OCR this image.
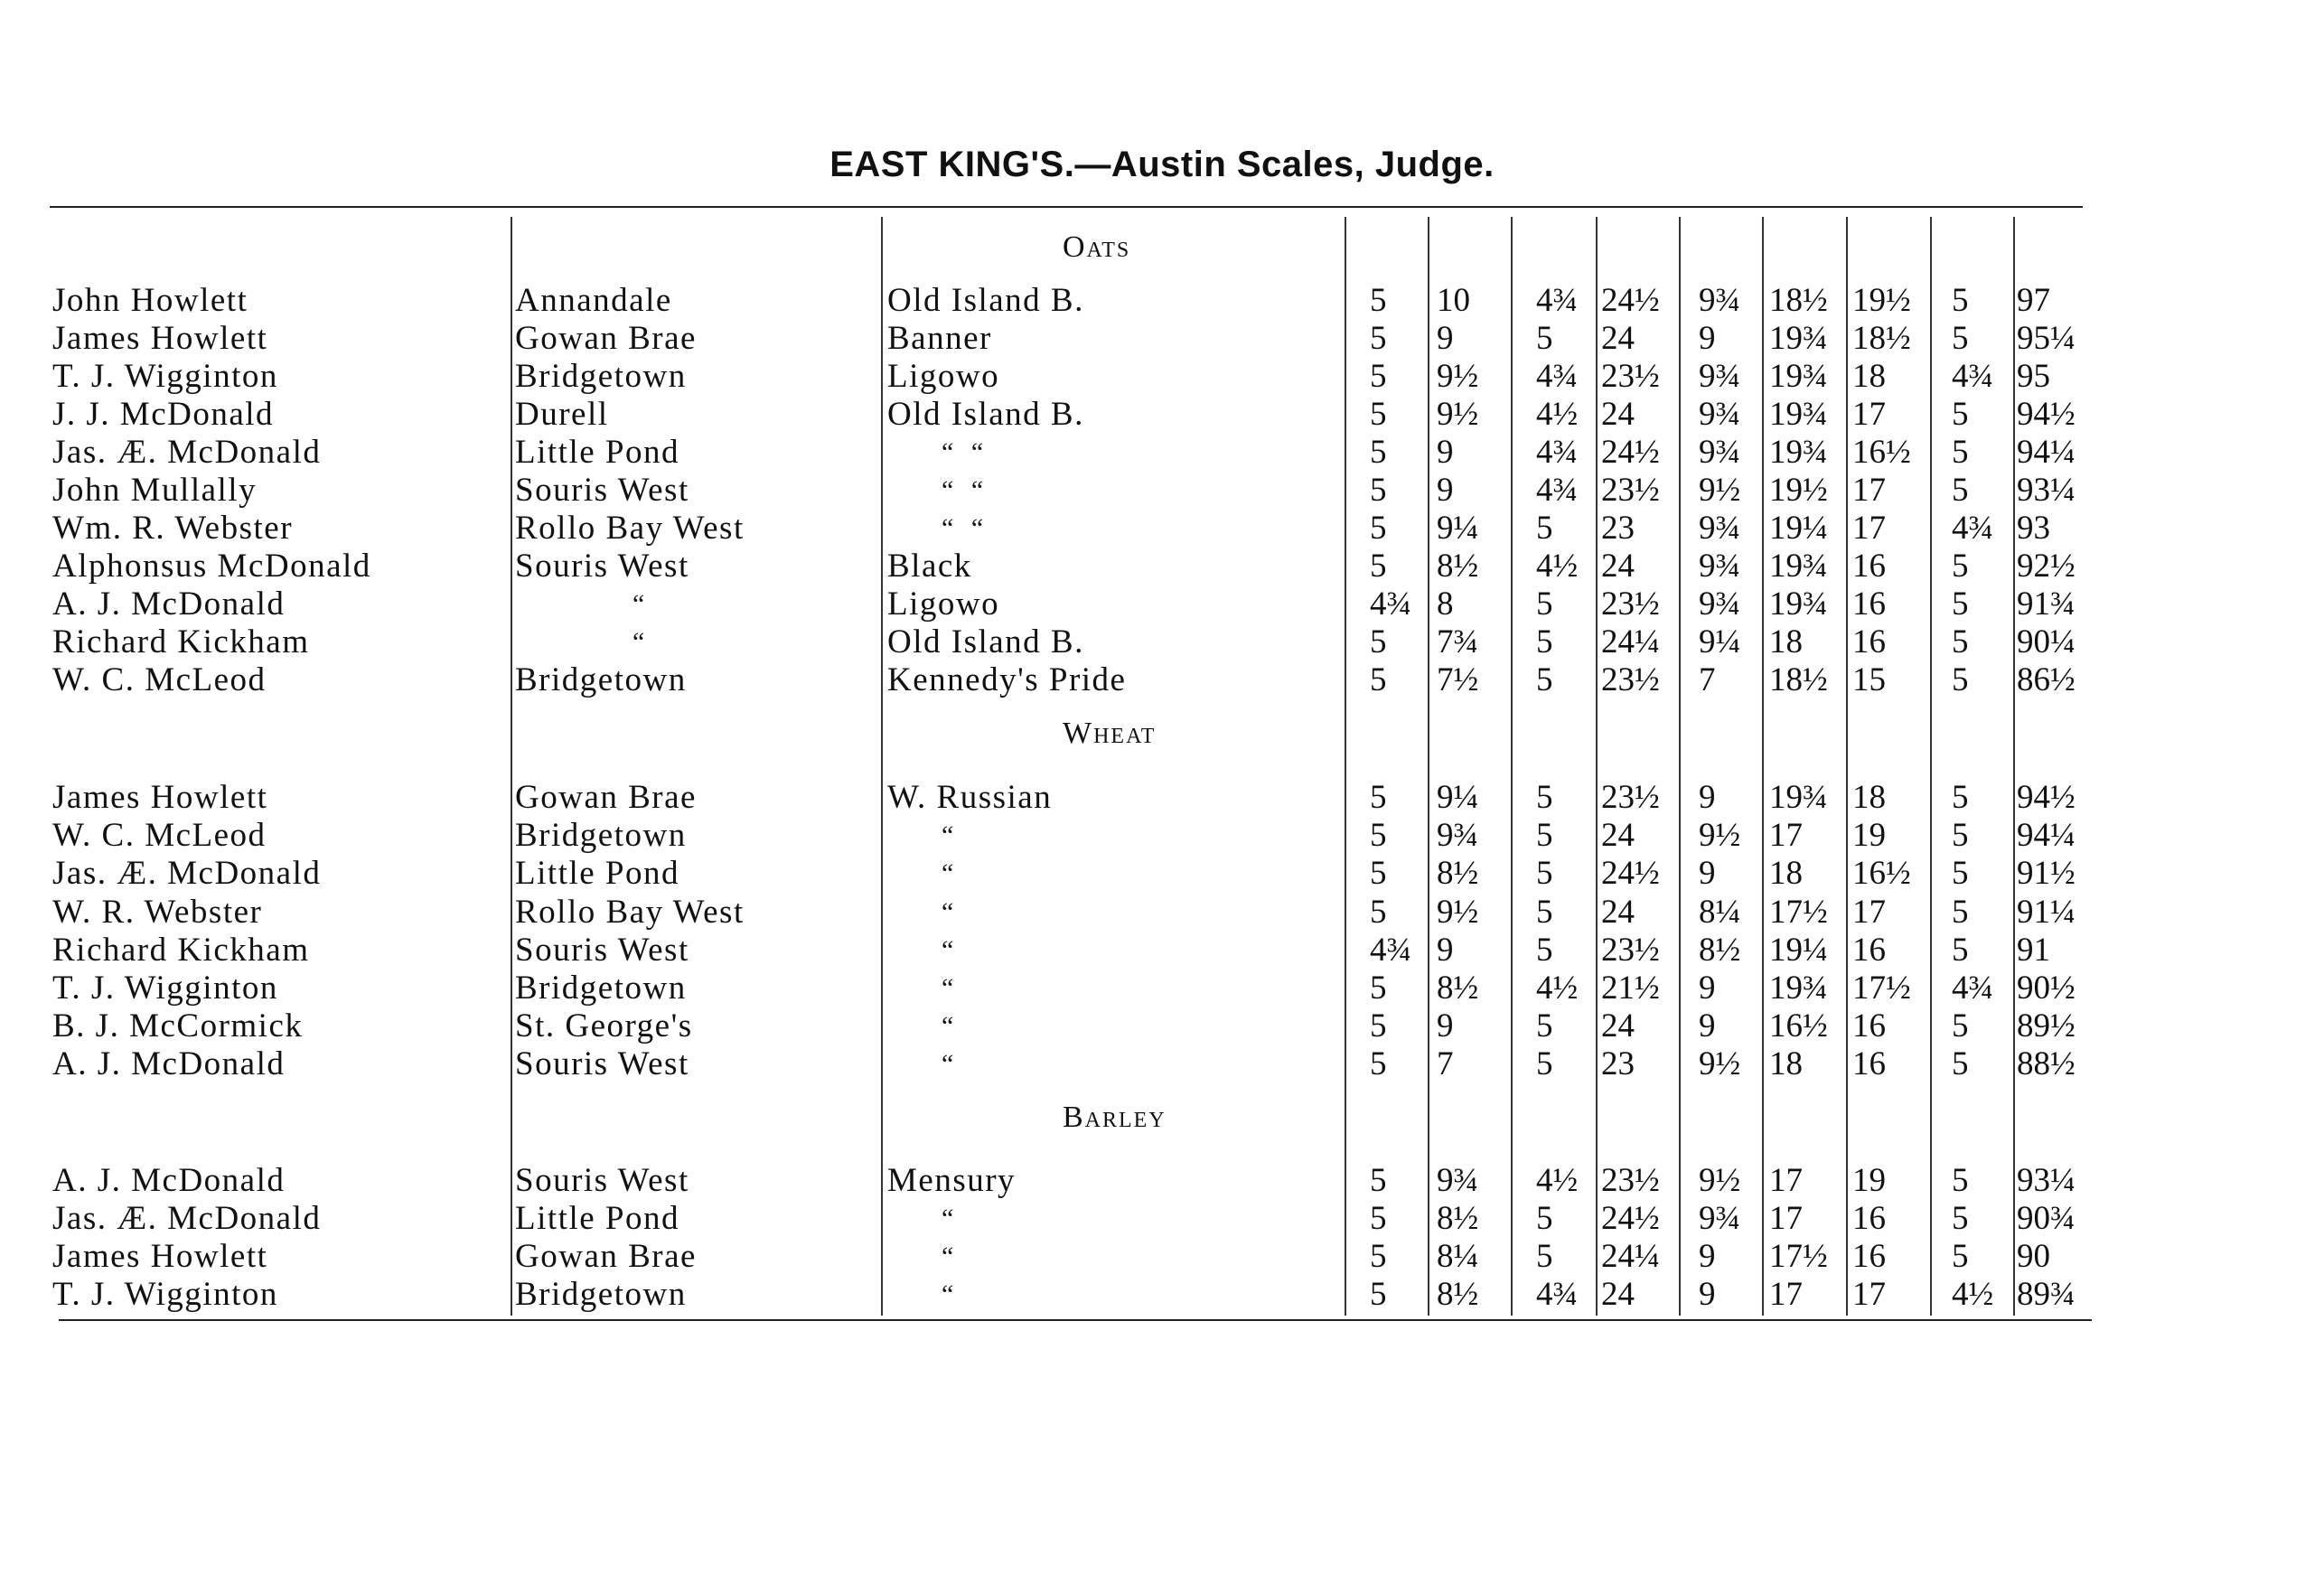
EAST KING'S.—Austin Scales, Judge.
Oats
John Howlett	Annandale	Old Island B.	5 10 4¾ 24½ 9¾ 18½ 19½ 5 97
James Howlett	Gowan Brae	Banner	5 9 5 24 9 19¾ 18½ 5 95¼
T. J. Wigginton	Bridgetown	Ligowo	5 9½ 4¾ 23½ 9¾ 19¾ 18 4¾ 95
J. J. McDonald	Durell	Old Island B.	5 9½ 4½ 24 9¾ 19¾ 17 5 94½
Jas. Æ. McDonald	Little Pond	“ “	5 9 4¾ 24½ 9¾ 19¾ 16½ 5 94¼
John Mullally	Souris West	“ “	5 9 4¾ 23½ 9½ 19½ 17 5 93¼
Wm. R. Webster	Rollo Bay West	“ “	5 9¼ 5 23 9¾ 19¼ 17 4¾ 93
Alphonsus McDonald	Souris West	Black	5 8½ 4½ 24 9¾ 19¾ 16 5 92½
A. J. McDonald	“	Ligowo	4¾ 8 5 23½ 9¾ 19¾ 16 5 91¾
Richard Kickham	“	Old Island B.	5 7¾ 5 24¼ 9¼ 18 16 5 90¼
W. C. McLeod	Bridgetown	Kennedy's Pride	5 7½ 5 23½ 7 18½ 15 5 86½
Wheat
James Howlett	Gowan Brae	W. Russian	5 9¼ 5 23½ 9 19¾ 18 5 94½
W. C. McLeod	Bridgetown	“	5 9¾ 5 24 9½ 17 19 5 94¼
Jas. Æ. McDonald	Little Pond	“	5 8½ 5 24½ 9 18 16½ 5 91½
W. R. Webster	Rollo Bay West	“	5 9½ 5 24 8¼ 17½ 17 5 91¼
Richard Kickham	Souris West	“	4¾ 9 5 23½ 8½ 19¼ 16 5 91
T. J. Wigginton	Bridgetown	“	5 8½ 4½ 21½ 9 19¾ 17½ 4¾ 90½
B. J. McCormick	St. George's	“	5 9 5 24 9 16½ 16 5 89½
A. J. McDonald	Souris West	“	5 7 5 23 9½ 18 16 5 88½
Barley
A. J. McDonald	Souris West	Mensury	5 9¾ 4½ 23½ 9½ 17 19 5 93¼
Jas. Æ. McDonald	Little Pond	“	5 8½ 5 24½ 9¾ 17 16 5 90¾
James Howlett	Gowan Brae	“	5 8¼ 5 24¼ 9 17½ 16 5 90
T. J. Wigginton	Bridgetown	“	5 8½ 4¾ 24 9 17 17 4½ 89¾
